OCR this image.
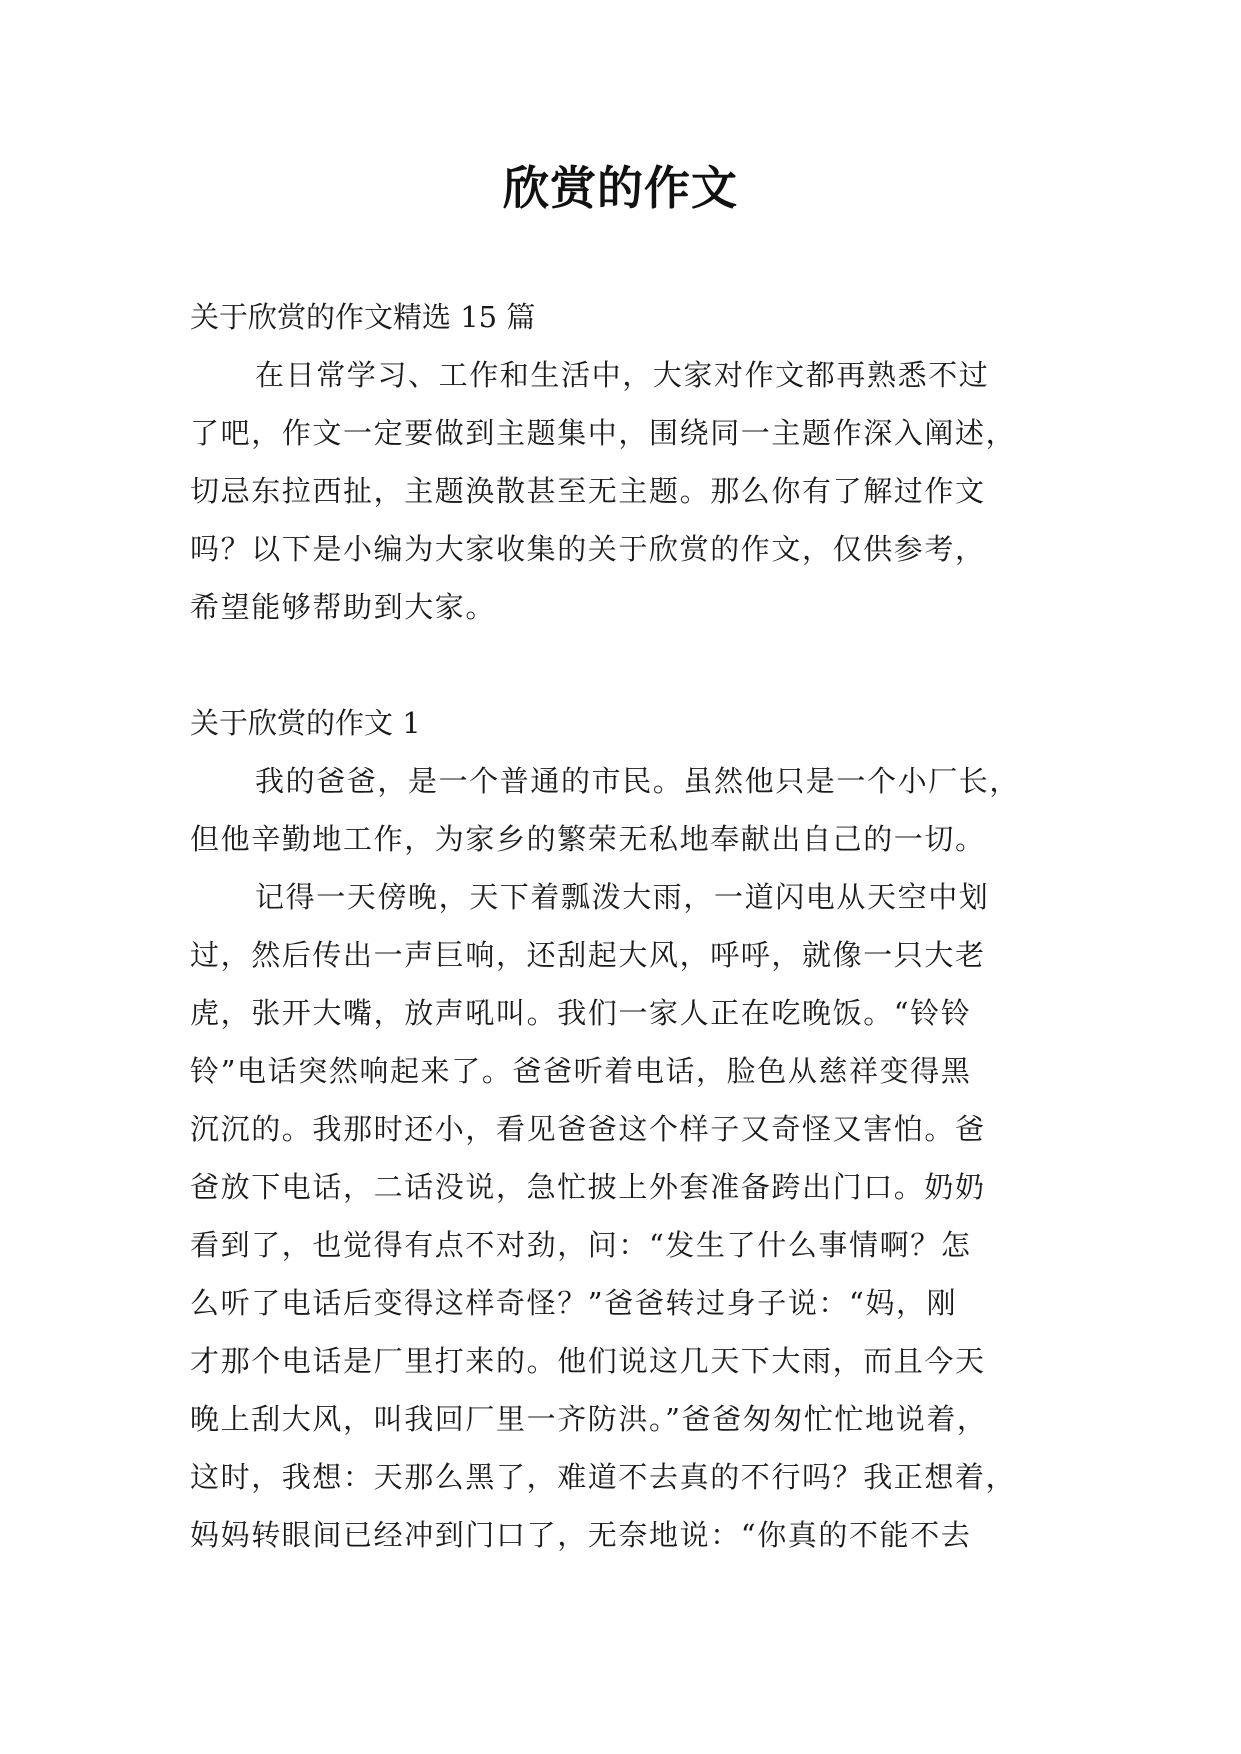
欣赏的作文
关于欣赏的作文精选 15 篇
在日常学习、工作和生活中，大家对作文都再熟悉不过
了吧，作文一定要做到主题集中，围绕同一主题作深入阐述，
切忌东拉西扯，主题涣散甚至无主题。那么你有了解过作文
吗？以下是小编为大家收集的关于欣赏的作文，仅供参考，
希望能够帮助到大家。
关于欣赏的作文 1
我的爸爸，是一个普通的市民。虽然他只是一个小厂长，
但他辛勤地工作，为家乡的繁荣无私地奉献出自己的一切。
记得一天傍晚，天下着瓢泼大雨，一道闪电从天空中划
过，然后传出一声巨响，还刮起大风，呼呼，就像一只大老
虎，张开大嘴，放声吼叫。我们一家人正在吃晚饭。“铃铃
铃”电话突然响起来了。爸爸听着电话，脸色从慈祥变得黑
沉沉的。我那时还小，看见爸爸这个样子又奇怪又害怕。爸
爸放下电话，二话没说，急忙披上外套准备跨出门口。奶奶
看到了，也觉得有点不对劲，问：“发生了什么事情啊？怎
么听了电话后变得这样奇怪？”爸爸转过身子说：“妈，刚
才那个电话是厂里打来的。他们说这几天下大雨，而且今天
晚上刮大风，叫我回厂里一齐防洪。”爸爸匆匆忙忙地说着，
这时，我想：天那么黑了，难道不去真的不行吗？我正想着，
妈妈转眼间已经冲到门口了，无奈地说：“你真的不能不去
